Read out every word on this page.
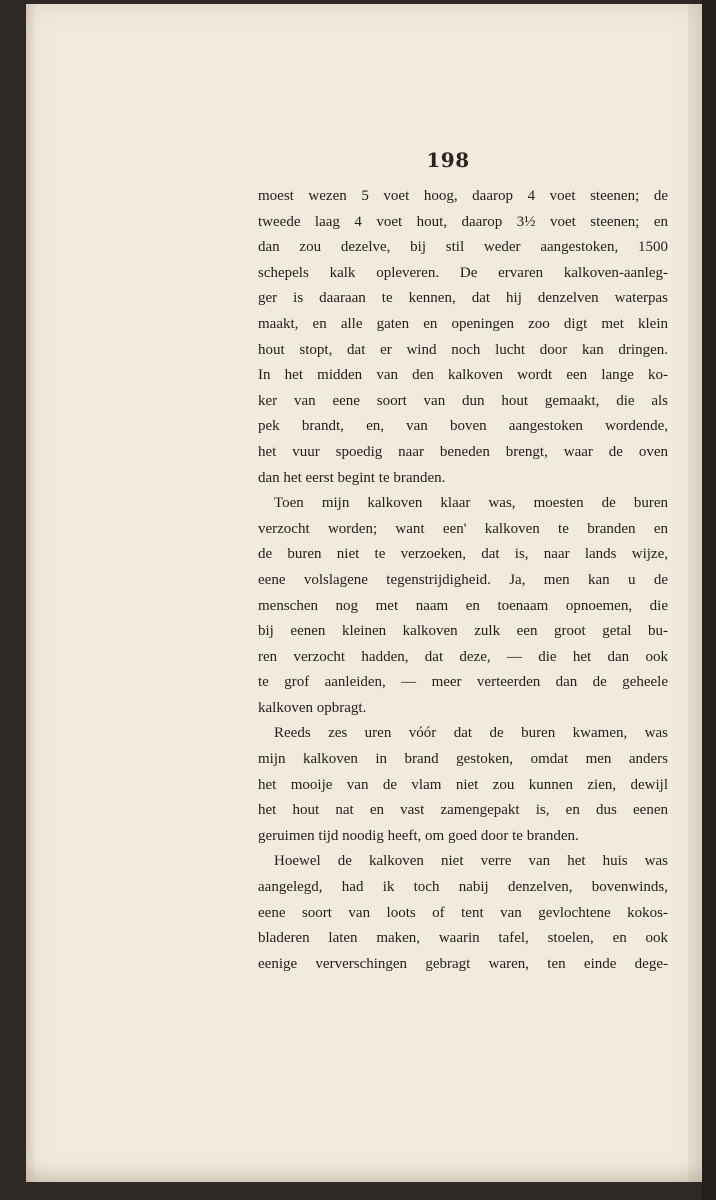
198
moest wezen 5 voet hoog, daarop 4 voet steenen; de
tweede laag 4 voet hout, daarop 3½ voet steenen; en
dan zou dezelve, bij stil weder aangestoken, 1500
schepels kalk opleveren. De ervaren kalkoven-aanleg-
ger is daaraan te kennen, dat hij denzelven waterpas
maakt, en alle gaten en openingen zoo digt met klein
hout stopt, dat er wind noch lucht door kan dringen.
In het midden van den kalkoven wordt een lange ko-
ker van eene soort van dun hout gemaakt, die als
pek brandt, en, van boven aangestoken wordende,
het vuur spoedig naar beneden brengt, waar de oven
dan het eerst begint te branden.
Toen mijn kalkoven klaar was, moesten de buren
verzocht worden; want een' kalkoven te branden en
de buren niet te verzoeken, dat is, naar lands wijze,
eene volslagene tegenstrijdigheid. Ja, men kan u de
menschen nog met naam en toenaam opnoemen, die
bij eenen kleinen kalkoven zulk een groot getal bu-
ren verzocht hadden, dat deze, — die het dan ook
te grof aanleiden, — meer verteerden dan de geheele
kalkoven opbragt.
Reeds zes uren vóór dat de buren kwamen, was
mijn kalkoven in brand gestoken, omdat men anders
het mooije van de vlam niet zou kunnen zien, dewijl
het hout nat en vast zamengepakt is, en dus eenen
geruimen tijd noodig heeft, om goed door te branden.
Hoewel de kalkoven niet verre van het huis was
aangelegd, had ik toch nabij denzelven, bovenwinds,
eene soort van loots of tent van gevlochtene kokos-
bladeren laten maken, waarin tafel, stoelen, en ook
eenige ververschingen gebragt waren, ten einde dege-
